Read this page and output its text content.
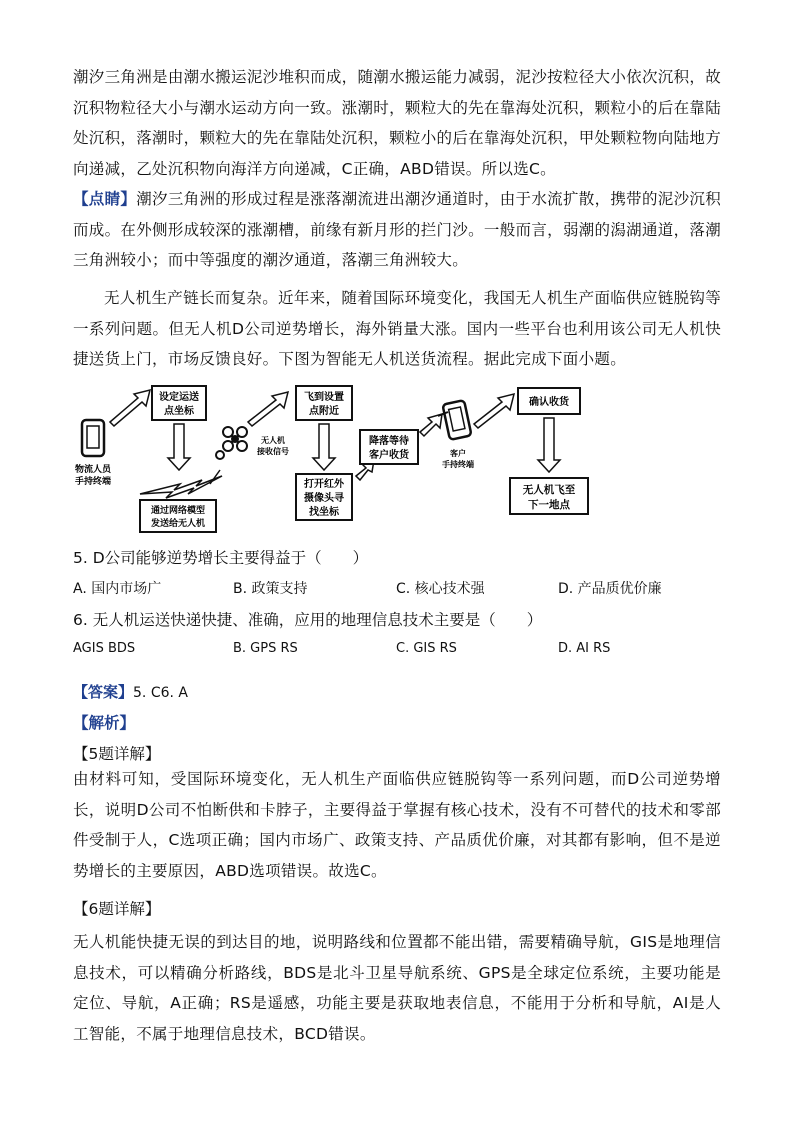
潮汐三角洲是由潮水搬运泥沙堆积而成，随潮水搬运能力减弱，泥沙按粒径大小依次沉积，故沉积物粒径大小与潮水运动方向一致。涨潮时，颗粒大的先在靠海处沉积，颗粒小的后在靠陆处沉积，落潮时，颗粒大的先在靠陆处沉积，颗粒小的后在靠海处沉积，甲处颗粒物向陆地方向递减，乙处沉积物向海洋方向递减，C正确，ABD错误。所以选C。

【点睛】潮汐三角洲的形成过程是涨落潮流进出潮汐通道时，由于水流扩散，携带的泥沙沉积而成。在外侧形成较深的涨潮槽，前缘有新月形的拦门沙。一般而言，弱潮的潟湖通道，落潮三角洲较小；而中等强度的潮汐通道，落潮三角洲较大。

无人机生产链长而复杂。近年来，随着国际环境变化，我国无人机生产面临供应链脱钩等一系列问题。但无人机D公司逆势增长，海外销量大涨。国内一些平台也利用该公司无人机快捷送货上门，市场反馈良好。下图为智能无人机送货流程。据此完成下面小题。

物流人员
手持终端
设定运送
点坐标
通过网络模型
发送给无人机
无人机
接收信号
飞到设置
点附近
打开红外
摄像头寻
找坐标
降落等待
客户收货	客户
手持终端
确认收货
无人机飞至
下一地点
5. D公司能够逆势增长主要得益于（　　）
A. 国内市场广	B. 政策支持	C. 核心技术强	D. 产品质优价廉
6. 无人机运送快递快捷、准确，应用的地理信息技术主要是（　　）
AGIS BDS	B. GPS RS	C. GIS RS	D. AI RS
【答案】5. C6. A
【解析】
【5题详解】

由材料可知，受国际环境变化，无人机生产面临供应链脱钩等一系列问题，而D公司逆势增长，说明D公司不怕断供和卡脖子，主要得益于掌握有核心技术，没有不可替代的技术和零部件受制于人，C选项正确；国内市场广、政策支持、产品质优价廉，对其都有影响，但不是逆势增长的主要原因，ABD选项错误。故选C。

【6题详解】

无人机能快捷无误的到达目的地，说明路线和位置都不能出错，需要精确导航，GIS是地理信息技术，可以精确分析路线，BDS是北斗卫星导航系统、GPS是全球定位系统，主要功能是定位、导航，A正确；RS是遥感，功能主要是获取地表信息，不能用于分析和导航，AI是人工智能，不属于地理信息技术，BCD错误。
